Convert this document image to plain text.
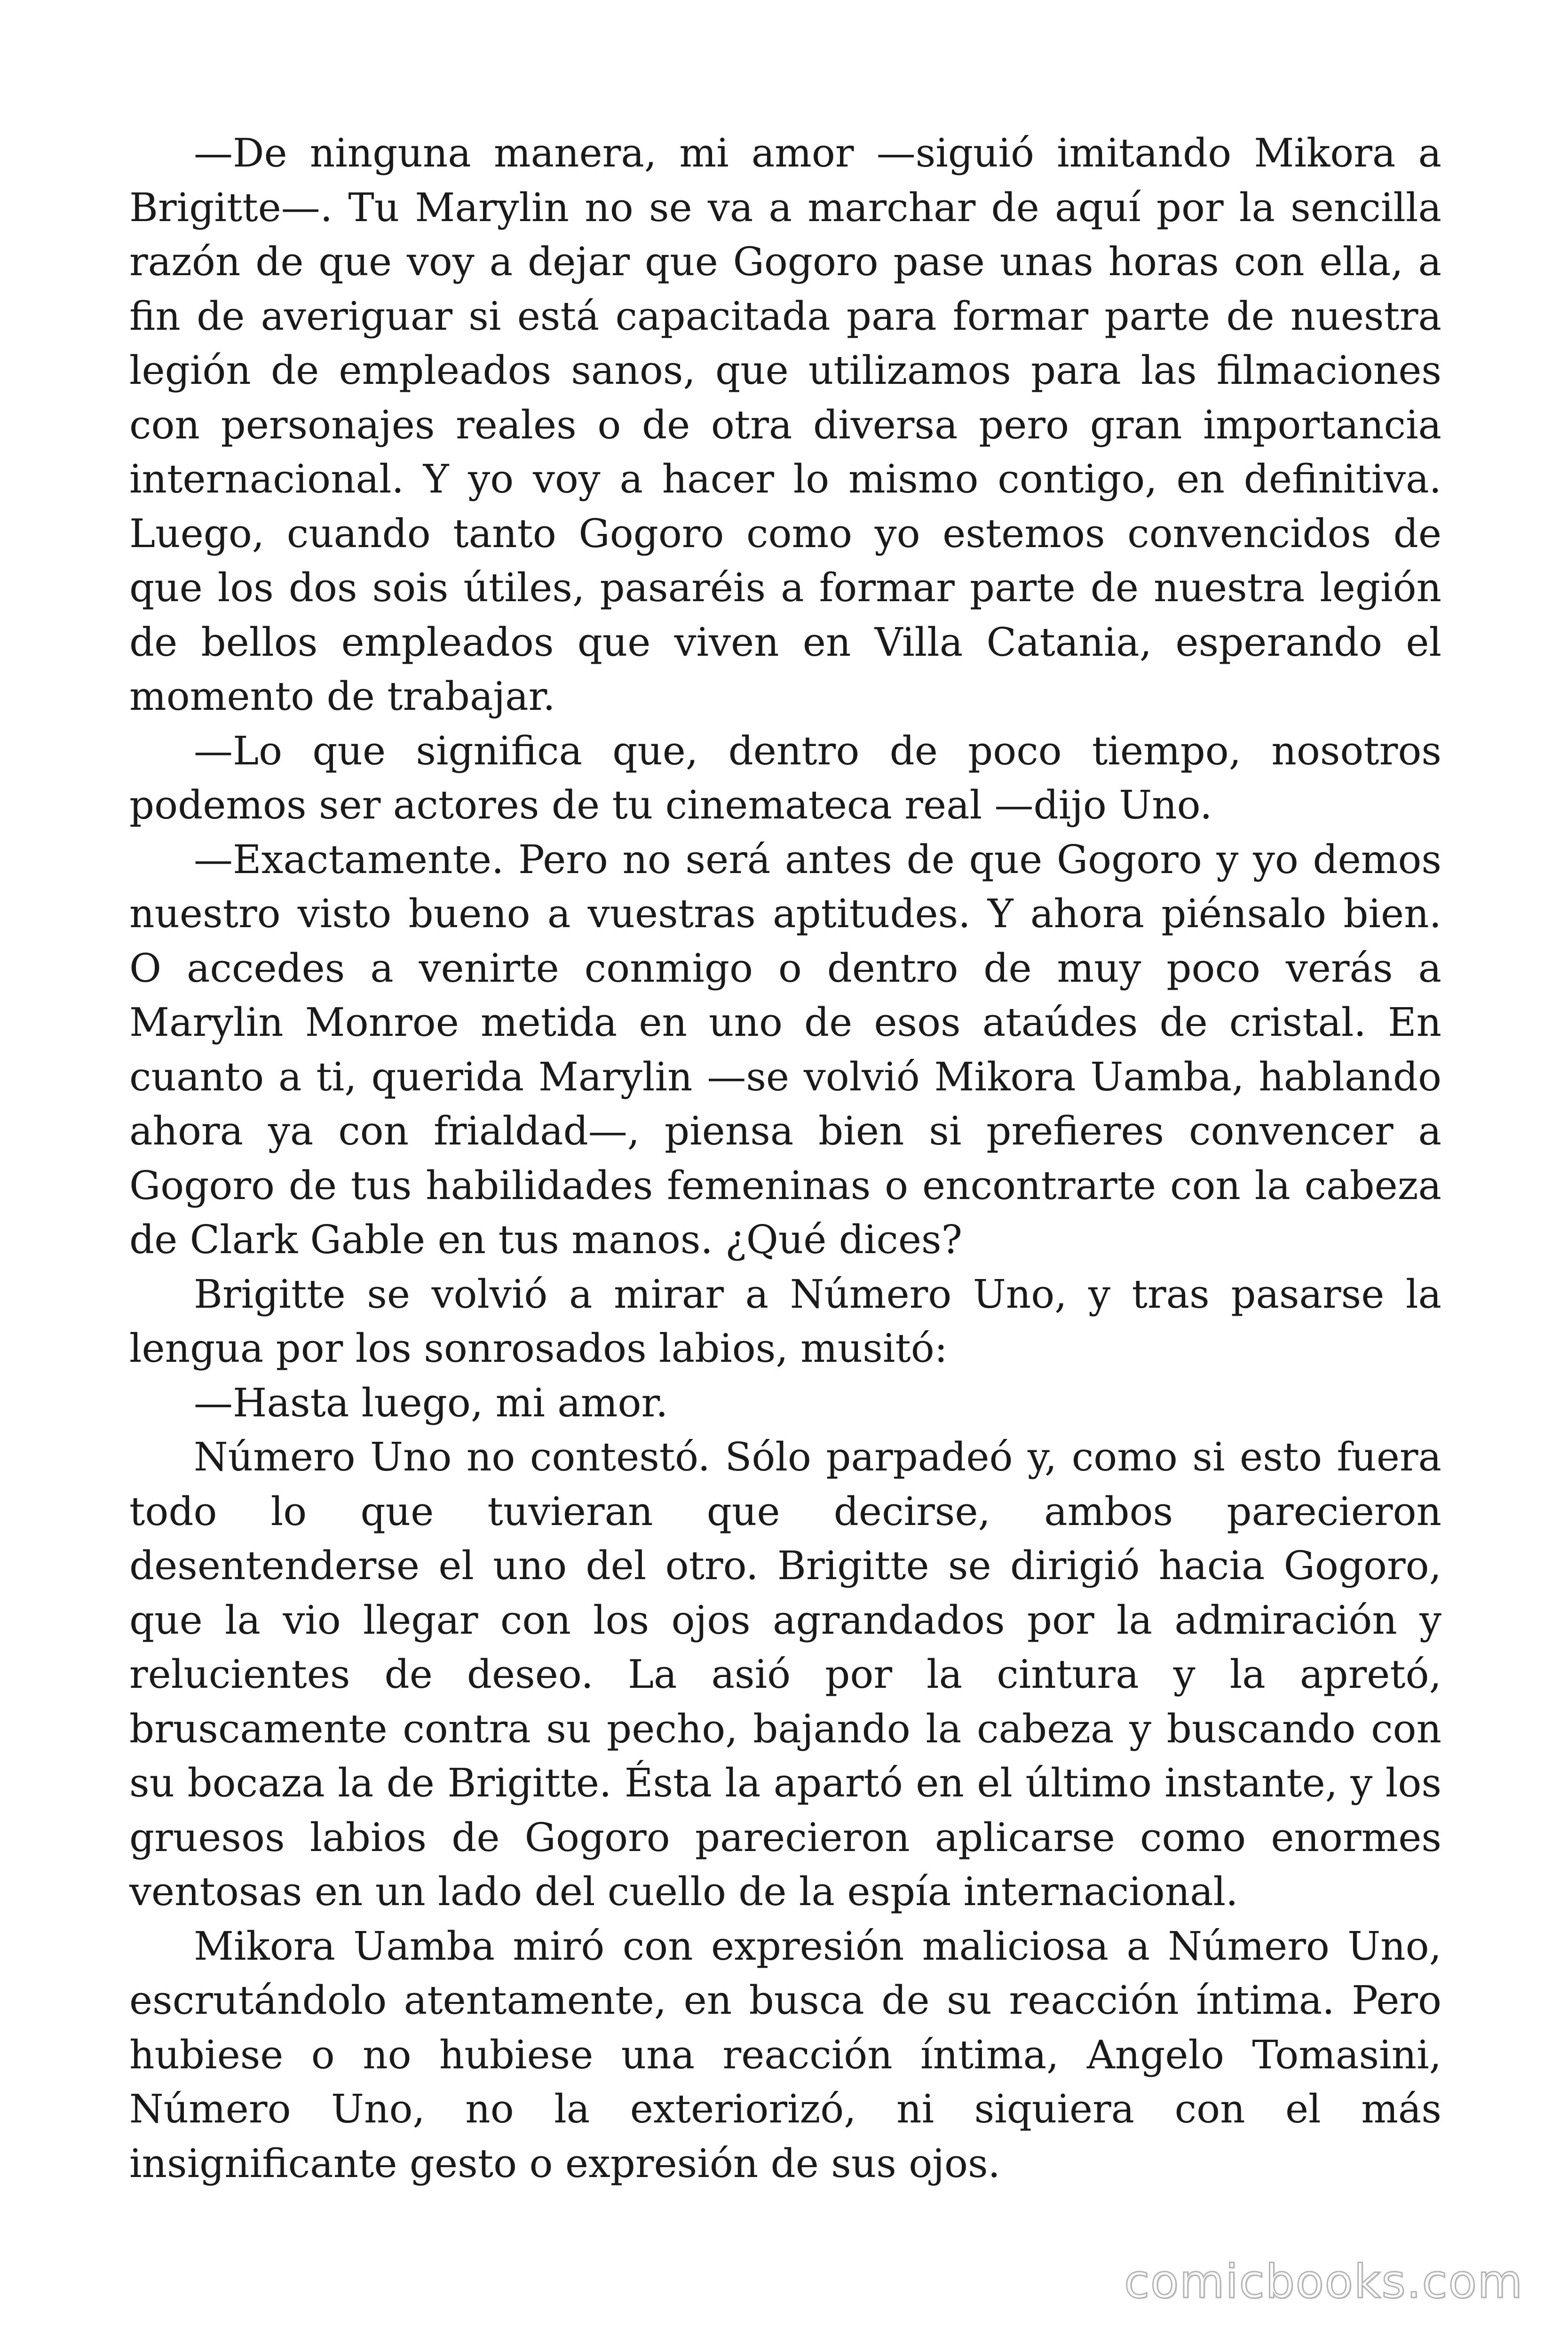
—De ninguna manera, mi amor —siguió imitando Mikora a Brigitte—. Tu Marylin no se va a marchar de aquí por la sencilla razón de que voy a dejar que Gogoro pase unas horas con ella, a fin de averiguar si está capacitada para formar parte de nuestra legión de empleados sanos, que utilizamos para las filmaciones con personajes reales o de otra diversa pero gran importancia internacional. Y yo voy a hacer lo mismo contigo, en definitiva. Luego, cuando tanto Gogoro como yo estemos convencidos de que los dos sois útiles, pasaréis a formar parte de nuestra legión de bellos empleados que viven en Villa Catania, esperando el momento de trabajar.

—Lo que significa que, dentro de poco tiempo, nosotros podemos ser actores de tu cinemateca real —dijo Uno.

—Exactamente. Pero no será antes de que Gogoro y yo demos nuestro visto bueno a vuestras aptitudes. Y ahora piénsalo bien. O accedes a venirte conmigo o dentro de muy poco verás a Marylin Monroe metida en uno de esos ataúdes de cristal. En cuanto a ti, querida Marylin —se volvió Mikora Uamba, hablando ahora ya con frialdad—, piensa bien si prefieres convencer a Gogoro de tus habilidades femeninas o encontrarte con la cabeza de Clark Gable en tus manos. ¿Qué dices?

Brigitte se volvió a mirar a Número Uno, y tras pasarse la lengua por los sonrosados labios, musitó:

—Hasta luego, mi amor.

Número Uno no contestó. Sólo parpadeó y, como si esto fuera todo lo que tuvieran que decirse, ambos parecieron desentenderse el uno del otro. Brigitte se dirigió hacia Gogoro, que la vio llegar con los ojos agrandados por la admiración y relucientes de deseo. La asió por la cintura y la apretó, bruscamente contra su pecho, bajando la cabeza y buscando con su bocaza la de Brigitte. Ésta la apartó en el último instante, y los gruesos labios de Gogoro parecieron aplicarse como enormes ventosas en un lado del cuello de la espía internacional.

Mikora Uamba miró con expresión maliciosa a Número Uno, escrutándolo atentamente, en busca de su reacción íntima. Pero hubiese o no hubiese una reacción íntima, Angelo Tomasini, Número Uno, no la exteriorizó, ni siquiera con el más insignificante gesto o expresión de sus ojos.

comicbooks.com
